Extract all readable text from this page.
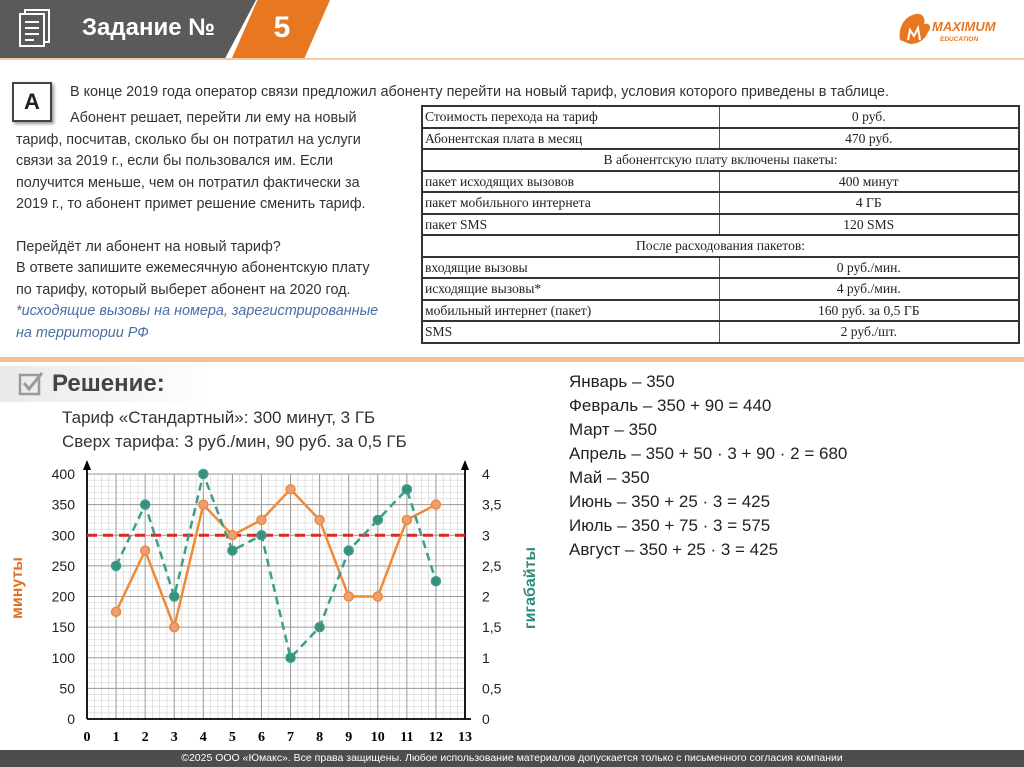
Задание №	5	MAXIMUM
EDUCATION
А	В конце 2019 года оператор связи предложил абоненту перейти на новый тариф, условия которого приведены в таблице.

Абонент решает, перейти ли ему на новый

тариф, посчитав, сколько бы он потратил на услуги

связи за 2019 г., если бы пользовался им. Если

получится меньше, чем он потратил фактически за

2019 г., то абонент примет решение сменить тариф.

Перейдёт ли абонент на новый тариф?

В ответе запишите ежемесячную абонентскую плату

по тарифу, который выберет абонент на 2020 год.

*исходящие вызовы на номера, зарегистрированные

на территории РФ

Стоимость перехода на тариф	0 руб.
Абонентская плата в месяц	470 руб.
В абонентскую плату включены пакеты:	
пакет исходящих вызовов	400 минут
пакет мобильного интернета	4 ГБ
пакет SMS	120 SMS
После расходования пакетов:	
входящие вызовы	0 руб./мин.
исходящие вызовы*	4 руб./мин.
мобильный интернет (пакет)	160 руб. за 0,5 ГБ
SMS	2 руб./шт.
Решение:
Тариф «Стандартный»: 300 минут, 3 ГБ
Сверх тарифа: 3 руб./мин, 90 руб. за 0,5 ГБ
Январь – 350
Февраль – 350 + 90 = 440
Март – 350
Апрель – 350 + 50 · 3 + 90 · 2 = 680
Май – 350
Июнь – 350 + 25 · 3 = 425
Июль – 350 + 75 · 3 = 575
Август – 350 + 25 · 3 = 425
0 1 2 3 4 5 6 7 8 9 10 11 12 13
0
50
100
150
200
250
300
350
400
0
0,5
1
1,5
2
2,5
3
3,5
4
минуты	гигабайты
©2025 ООО «Юмакс». Все права защищены. Любое использование материалов допускается только с письменного согласия компании
